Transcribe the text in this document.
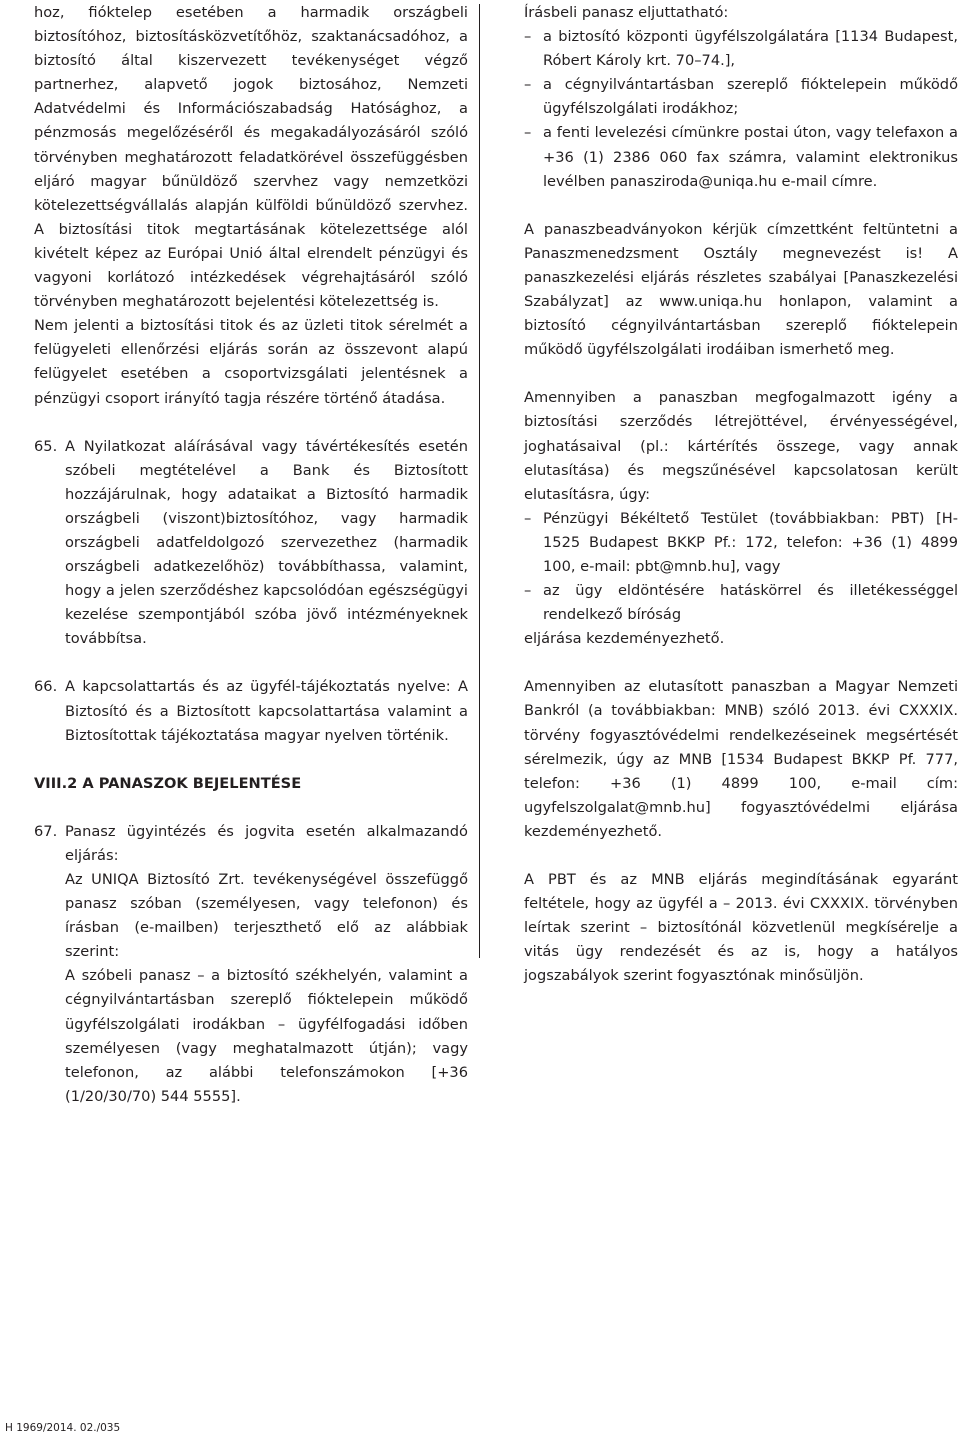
hoz, fióktelep esetében a harmadik országbeli biztosítóhoz, biztosításközvetítőhöz, szaktanácsadóhoz, a biztosító által kiszervezett tevékenységet végző partnerhez, alapvető jogok biztosához, Nemzeti Adatvédelmi és Információszabadság Hatósághoz, a pénzmosás megelőzéséről és megakadályozásáról szóló törvényben meghatározott feladatkörével összefüggésben eljáró magyar bűnüldöző szervhez vagy nemzetközi kötelezettségvállalás alapján külföldi bűnüldöző szervhez. A biztosítási titok megtartásának kötelezettsége alól kivételt képez az Európai Unió által elrendelt pénzügyi és vagyoni korlátozó intézkedések végrehajtásáról szóló törvényben meghatározott bejelentési kötelezettség is.

Nem jelenti a biztosítási titok és az üzleti titok sérelmét a felügyeleti ellenőrzési eljárás során az összevont alapú felügyelet esetében a csoportvizsgálati jelentésnek a pénzügyi csoport irányító tagja részére történő átadása.

65. A Nyilatkozat aláírásával vagy távértékesítés esetén szóbeli megtételével a Bank és Biztosított hozzájárulnak, hogy adataikat a Biztosító harmadik országbeli (viszont)biztosítóhoz, vagy harmadik országbeli adatfeldolgozó szervezethez (harmadik országbeli adatkezelőhöz) továbbíthassa, valamint, hogy a jelen szerződéshez kapcsolódóan egészségügyi kezelése szempontjából szóba jövő intézményeknek továbbítsa.
66. A kapcsolattartás és az ügyfél-tájékoztatás nyelve: A Biztosító és a Biztosított kapcsolattartása valamint a Biztosítottak tájékoztatása magyar nyelven történik.

VIII.2 A PANASZOK BEJELENTÉSE

67. Panasz ügyintézés és jogvita esetén alkalmazandó eljárás:

Az UNIQA Biztosító Zrt. tevékenységével összefüggő panasz szóban (személyesen, vagy telefonon) és írásban (e-mailben) terjeszthető elő az alábbiak szerint:

A szóbeli panasz – a biztosító székhelyén, valamint a cégnyilvántartásban szereplő fióktelepein működő ügyfélszolgálati irodákban – ügyfélfogadási időben személyesen (vagy meghatalmazott útján); vagy telefonon, az alábbi telefonszámokon [+36 (1/20/30/70) 544 5555].

Írásbeli panasz eljuttatható:

– a biztosító központi ügyfélszolgálatára [1134 Budapest, Róbert Károly krt. 70–74.],
– a cégnyilvántartásban szereplő fióktelepein működő ügyfélszolgálati irodákhoz;
– a fenti levelezési címünkre postai úton, vagy telefaxon a +36 (1) 2386 060 fax számra, valamint elektronikus levélben panasziroda@uniqa.hu e-mail címre.

A panaszbeadványokon kérjük címzettként feltüntetni a Panaszmenedzsment Osztály megnevezést is! A panaszkezelési eljárás részletes szabályai [Panaszkezelési Szabályzat] az www.uniqa.hu honlapon, valamint a biztosító cégnyilvántartásban szereplő fióktelepein működő ügyfélszolgálati irodáiban ismerhető meg.

Amennyiben a panaszban megfogalmazott igény a biztosítási szerződés létrejöttével, érvényességével, joghatásaival (pl.: kártérítés összege, vagy annak elutasítása) és megszűnésével kapcsolatosan került elutasításra, úgy:

– Pénzügyi Békéltető Testület (továbbiakban: PBT) [H-1525 Budapest BKKP Pf.: 172, telefon: +36 (1) 4899 100, e-mail: pbt@mnb.hu], vagy
– az ügy eldöntésére hatáskörrel és illetékességgel rendelkező bíróság

eljárása kezdeményezhető.

Amennyiben az elutasított panaszban a Magyar Nemzeti Bankról (a továbbiakban: MNB) szóló 2013. évi CXXXIX. törvény fogyasztóvédelmi rendelkezéseinek megsértését sérelmezik, úgy az MNB [1534 Budapest BKKP Pf. 777, telefon: +36 (1) 4899 100, e-mail cím: ugyfelszolgalat@mnb.hu] fogyasztóvédelmi eljárása kezdeményezhető.

A PBT és az MNB eljárás megindításának egyaránt feltétele, hogy az ügyfél a – 2013. évi CXXXIX. törvényben leírtak szerint – biztosítónál közvetlenül megkísérelje a vitás ügy rendezését és az is, hogy a hatályos jogszabályok szerint fogyasztónak minősüljön.

H 1969/2014. 02./035
